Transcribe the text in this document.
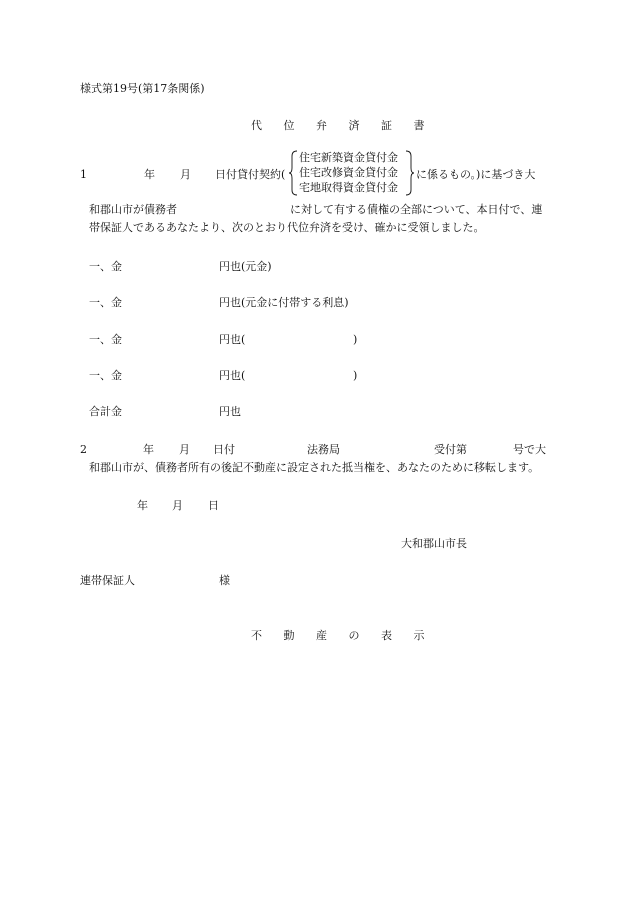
様式第19号(第17条関係)
代 位 弁 済 証 書
1	年 月 日付貸付契約(
住宅新築資金貸付金
住宅改修資金貸付金
宅地取得資金貸付金
に係るもの。)に基づき大
和郡山市が債務者	に対して有する債権の全部について、本日付で、連
帯保証人であるあなたより、次のとおり代位弁済を受け、確かに受領しました。
一、金	円也(元金)
一、金	円也(元金に付帯する利息)
一、金	円也(	)
一、金	円也(	)
合計金	円也
2	年 月 日付	法務局	受付第	号で大
和郡山市が、債務者所有の後記不動産に設定された抵当権を、あなたのために移転します。
年 月 日
大和郡山市長
連帯保証人	様
不 動 産 の 表 示
